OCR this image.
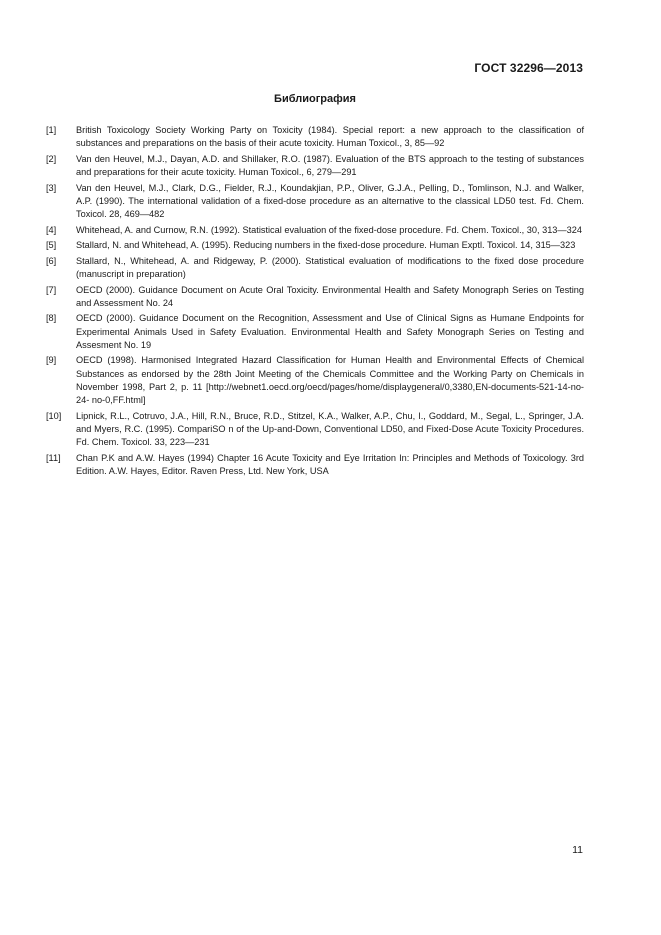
ГОСТ 32296—2013
Библиография
[1]	British Toxicology Society Working Party on Toxicity (1984). Special report: a new approach to the classification of substances and preparations on the basis of their acute toxicity. Human Toxicol., 3, 85—92
[2]	Van den Heuvel, M.J., Dayan, A.D. and Shillaker, R.O. (1987). Evaluation of the BTS approach to the testing of substances and preparations for their acute toxicity. Human Toxicol., 6, 279—291
[3]	Van den Heuvel, M.J., Clark, D.G., Fielder, R.J., Koundakjian, P.P., Oliver, G.J.A., Pelling, D., Tomlinson, N.J. and Walker, A.P. (1990). The international validation of a fixed-dose procedure as an alternative to the classical LD50 test. Fd. Chem. Toxicol. 28, 469—482
[4]	Whitehead, A. and Curnow, R.N. (1992). Statistical evaluation of the fixed-dose procedure. Fd. Chem. Toxicol., 30, 313—324
[5]	Stallard, N. and Whitehead, A. (1995). Reducing numbers in the fixed-dose procedure. Human Exptl. Toxicol. 14, 315—323
[6]	Stallard, N., Whitehead, A. and Ridgeway, P. (2000). Statistical evaluation of modifications to the fixed dose procedure (manuscript in preparation)
[7]	OECD (2000). Guidance Document on Acute Oral Toxicity. Environmental Health and Safety Monograph Series on Testing and Assessment No. 24
[8]	OECD (2000). Guidance Document on the Recognition, Assessment and Use of Clinical Signs as Humane Endpoints for Experimental Animals Used in Safety Evaluation. Environmental Health and Safety Monograph Series on Testing and Assesment No. 19
[9]	OECD (1998). Harmonised Integrated Hazard Classification for Human Health and Environmental Effects of Chemical Substances as endorsed by the 28th Joint Meeting of the Chemicals Committee and the Working Party on Chemicals in November 1998, Part 2, p. 11 [http://webnet1.oecd.org/oecd/pages/home/displaygeneral/0,3380,EN-documents-521-14-no-24- no-0,FF.html]
[10]	Lipnick, R.L., Cotruvo, J.A., Hill, R.N., Bruce, R.D., Stitzel, K.A., Walker, A.P., Chu, I., Goddard, M., Segal, L., Springer, J.A. and Myers, R.C. (1995). CompariSO n of the Up-and-Down, Conventional LD50, and Fixed-Dose Acute Toxicity Procedures. Fd. Chem. Toxicol. 33, 223—231
[11]	Chan P.K and A.W. Hayes (1994) Chapter 16 Acute Toxicity and Eye Irritation In: Principles and Methods of Toxicology. 3rd Edition. A.W. Hayes, Editor. Raven Press, Ltd. New York, USA
11
